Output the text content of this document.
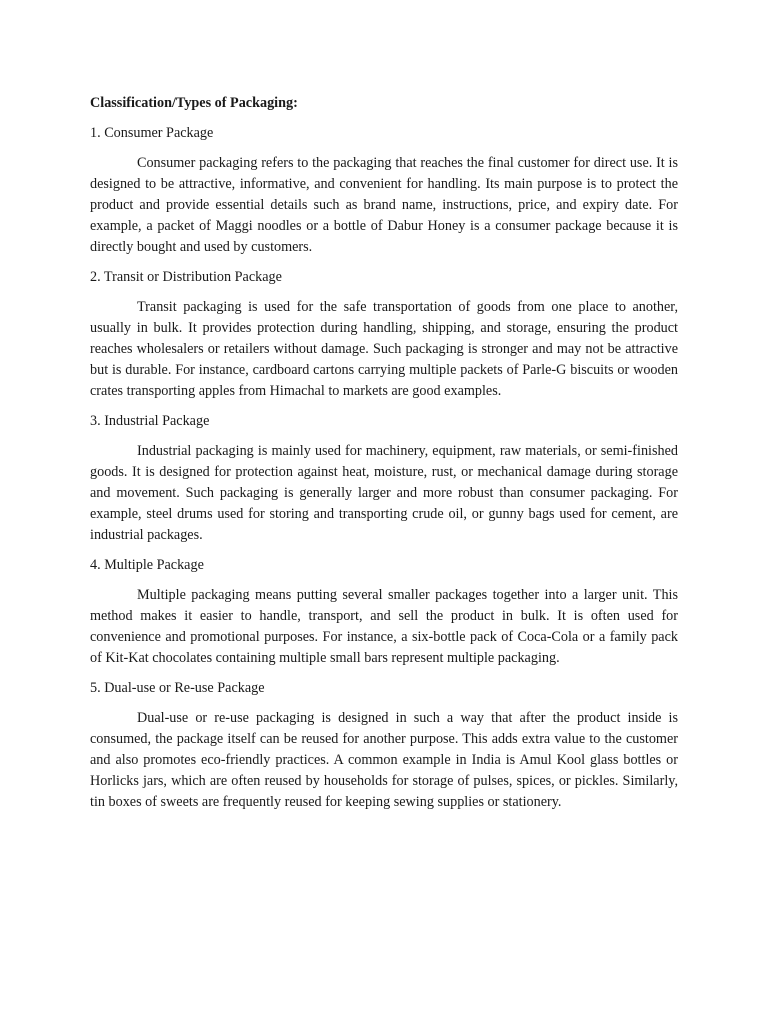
Classification/Types of Packaging:

1. Consumer Package

Consumer packaging refers to the packaging that reaches the final customer for direct use. It is designed to be attractive, informative, and convenient for handling. Its main purpose is to protect the product and provide essential details such as brand name, instructions, price, and expiry date. For example, a packet of Maggi noodles or a bottle of Dabur Honey is a consumer package because it is directly bought and used by customers.

2. Transit or Distribution Package

Transit packaging is used for the safe transportation of goods from one place to another, usually in bulk. It provides protection during handling, shipping, and storage, ensuring the product reaches wholesalers or retailers without damage. Such packaging is stronger and may not be attractive but is durable. For instance, cardboard cartons carrying multiple packets of Parle-G biscuits or wooden crates transporting apples from Himachal to markets are good examples.

3. Industrial Package

Industrial packaging is mainly used for machinery, equipment, raw materials, or semi-finished goods. It is designed for protection against heat, moisture, rust, or mechanical damage during storage and movement. Such packaging is generally larger and more robust than consumer packaging. For example, steel drums used for storing and transporting crude oil, or gunny bags used for cement, are industrial packages.

4. Multiple Package

Multiple packaging means putting several smaller packages together into a larger unit. This method makes it easier to handle, transport, and sell the product in bulk. It is often used for convenience and promotional purposes. For instance, a six-bottle pack of Coca-Cola or a family pack of Kit-Kat chocolates containing multiple small bars represent multiple packaging.

5. Dual-use or Re-use Package

Dual-use or re-use packaging is designed in such a way that after the product inside is consumed, the package itself can be reused for another purpose. This adds extra value to the customer and also promotes eco-friendly practices. A common example in India is Amul Kool glass bottles or Horlicks jars, which are often reused by households for storage of pulses, spices, or pickles. Similarly, tin boxes of sweets are frequently reused for keeping sewing supplies or stationery.
